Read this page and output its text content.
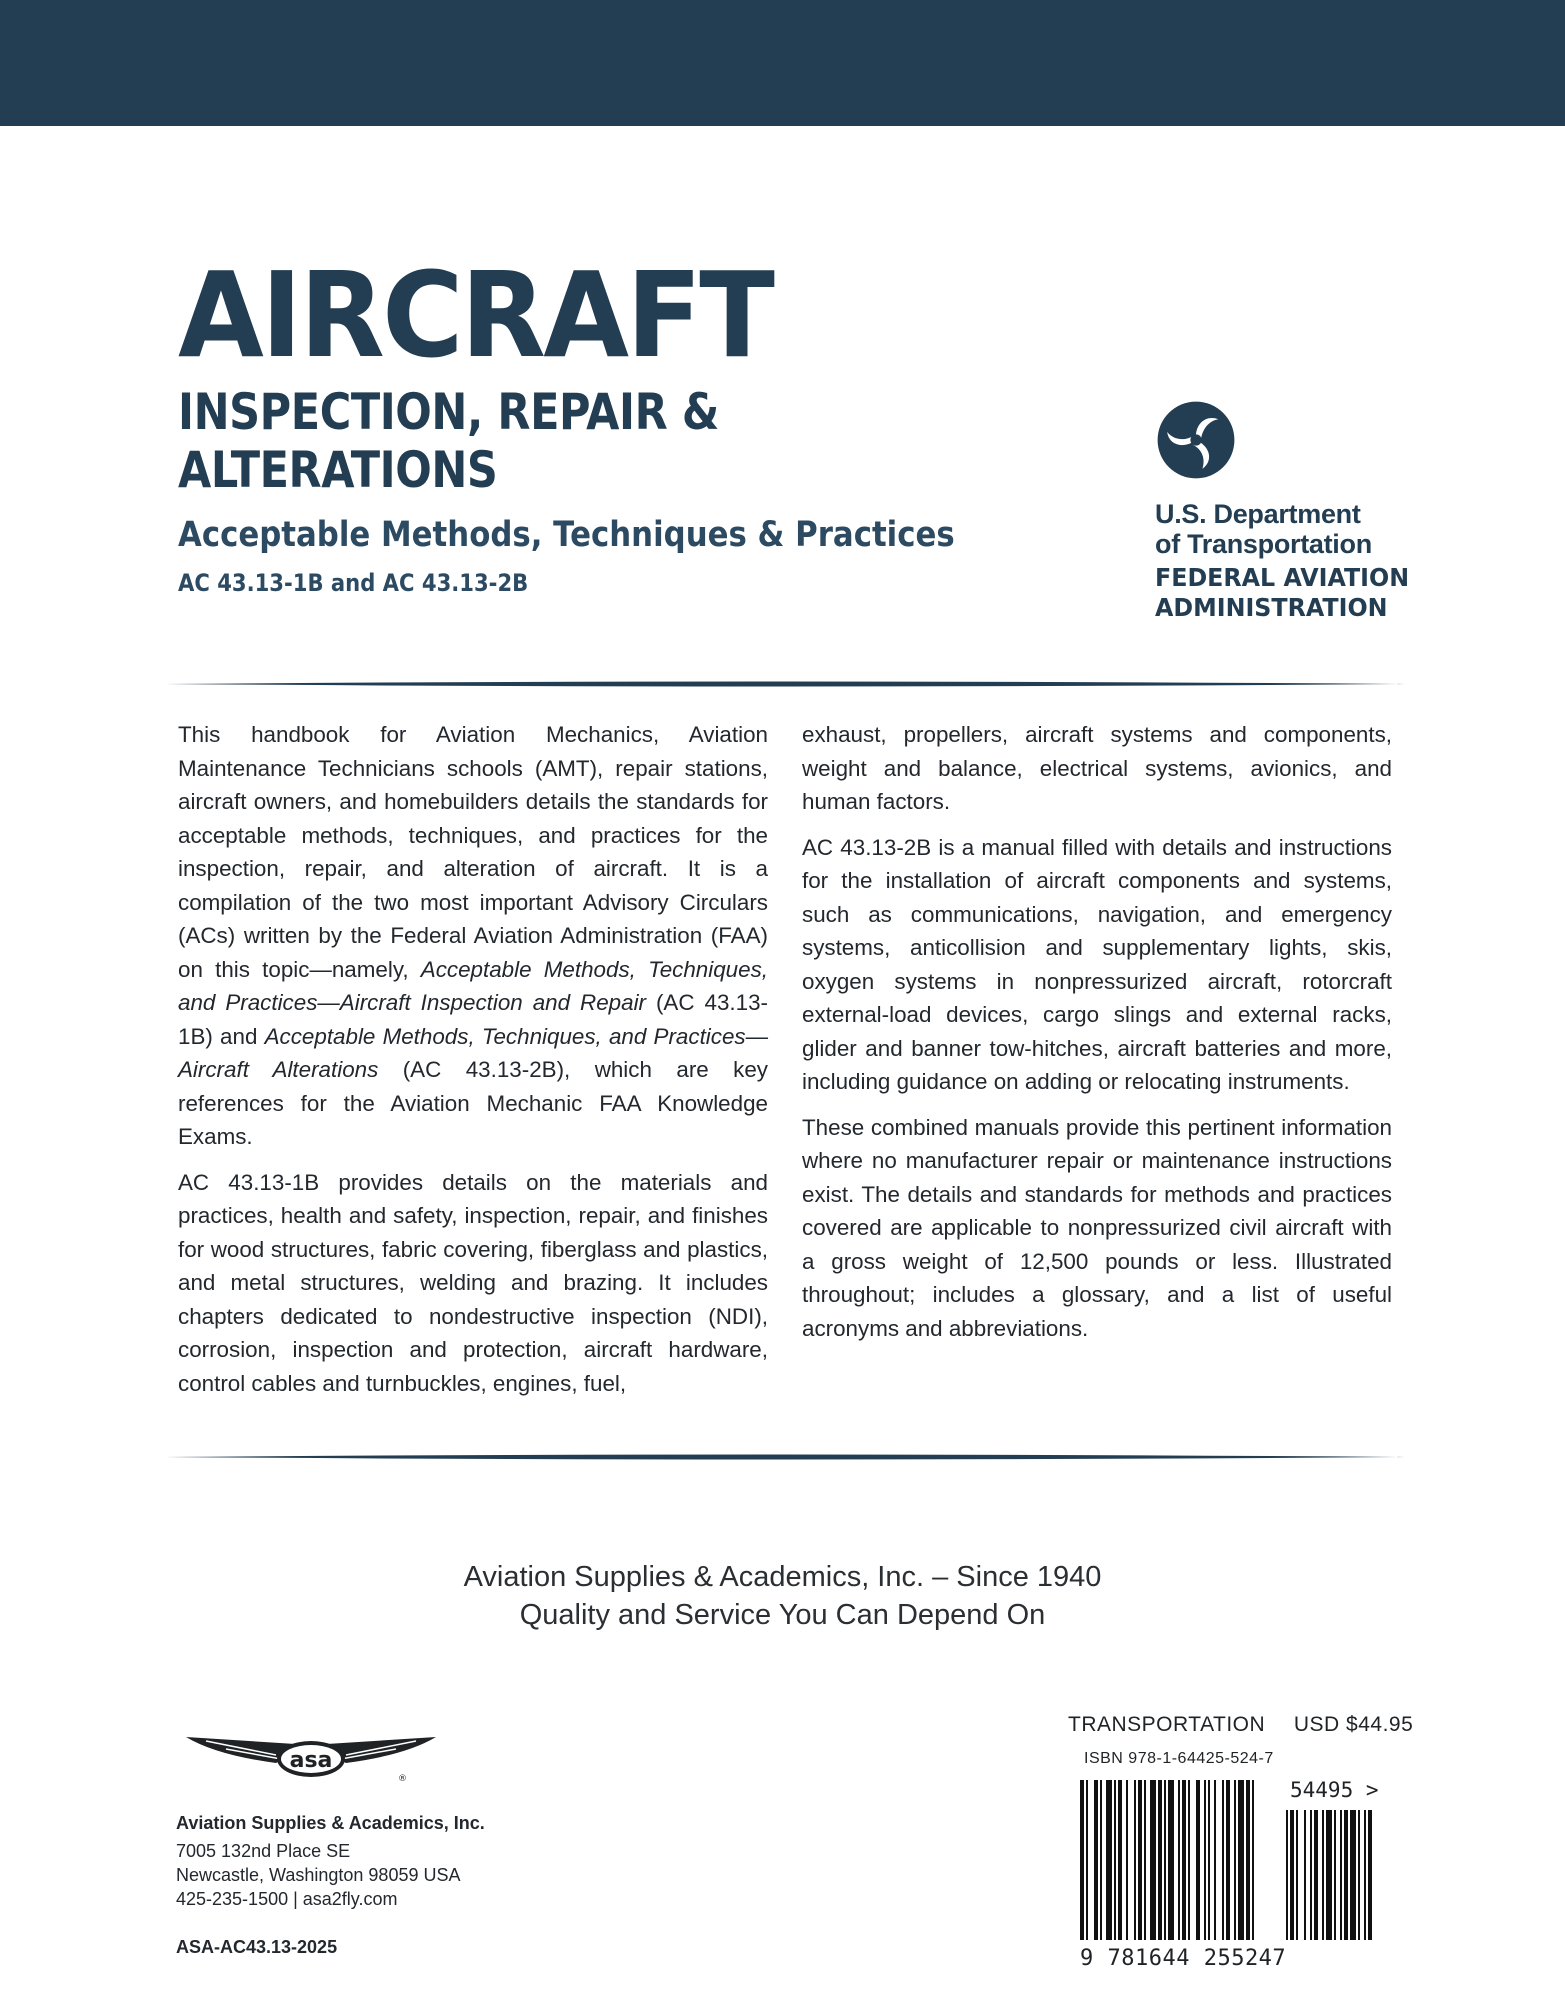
AIRCRAFT
INSPECTION, REPAIR &
ALTERATIONS
Acceptable Methods, Techniques & Practices
AC 43.13-1B and AC 43.13-2B
U.S. Department
of Transportation
FEDERAL AVIATION
ADMINISTRATION

This handbook for Aviation Mechanics, Aviation Maintenance Technicians schools (AMT), repair stations, aircraft owners, and homebuilders details the standards for acceptable methods, techniques, and practices for the inspection, repair, and alteration of aircraft. It is a compilation of the two most important Advisory Circulars (ACs) written by the Federal Aviation Administration (FAA) on this topic—namely, Acceptable Methods, Techniques, and Practices—Aircraft Inspection and Repair (AC 43.13-1B) and Acceptable Methods, Techniques, and Practices—Aircraft Alterations (AC 43.13-2B), which are key references for the Aviation Mechanic FAA Knowledge Exams.

AC 43.13-1B provides details on the materials and practices, health and safety, inspection, repair, and finishes for wood structures, fabric covering, fiberglass and plastics, and metal structures, welding and brazing. It includes chapters dedicated to nondestructive inspection (NDI), corrosion, inspection and protection, aircraft hardware, control cables and turnbuckles, engines, fuel,

exhaust, propellers, aircraft systems and components, weight and balance, electrical systems, avionics, and human factors.

AC 43.13-2B is a manual filled with details and instructions for the installation of aircraft components and systems, such as communications, navigation, and emergency systems, anticollision and supplementary lights, skis, oxygen systems in nonpressurized aircraft, rotorcraft external-load devices, cargo slings and external racks, glider and banner tow-hitches, aircraft batteries and more, including guidance on adding or relocating instruments.

These combined manuals provide this pertinent information where no manufacturer repair or maintenance instructions exist. The details and standards for methods and practices covered are applicable to nonpressurized civil aircraft with a gross weight of 12,500 pounds or less. Illustrated throughout; includes a glossary, and a list of useful acronyms and abbreviations.

Aviation Supplies & Academics, Inc. – Since 1940
Quality and Service You Can Depend On
asa
®
Aviation Supplies & Academics, Inc.
7005 132nd Place SE
Newcastle, Washington 98059 USA
425-235-1500 | asa2fly.com
ASA-AC43.13-2025
TRANSPORTATION USD $44.95
ISBN 978-1-64425-524-7
54495 >
9 781644 255247
